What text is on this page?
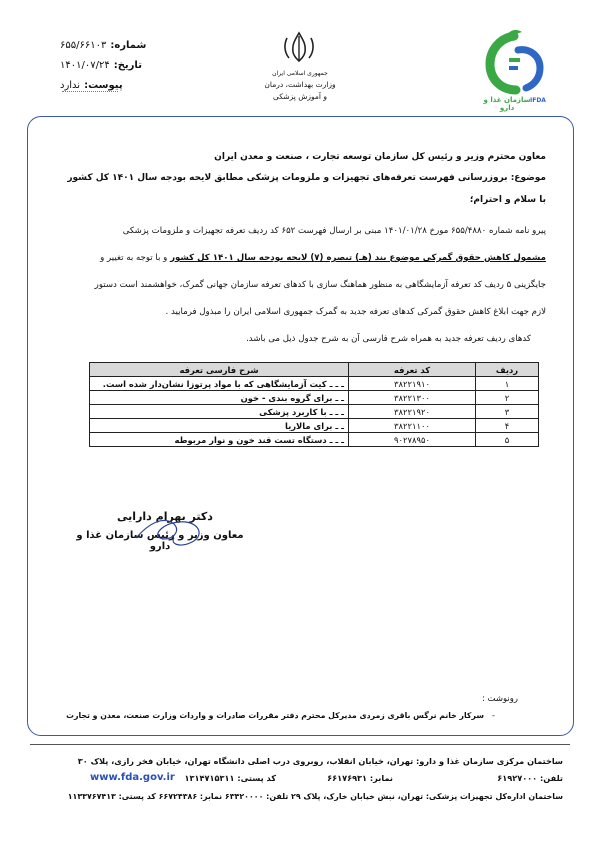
شماره:
۶۵۵/۶۶۱۰۳
تاریخ:
۱۴۰۱/۰۷/۲۴
پیوست:
ندارد
جمهوری اسلامی ایران
وزارت بهداشت، درمان
و آموزش پزشکی	سازمان غذا و دارو
IFDA
معاون محترم وزیر و رئیس کل سازمان توسعه تجارت ، صنعت و معدن ایران
موضوع: بروزرسانی فهرست تعرفه‌های تجهیزات و ملزومات پزشکی مطابق لایحه بودجه سال ۱۴۰۱ کل کشور
با سلام و احترام؛
پیرو نامه شماره ۶۵۵/۴۸۸۰ مورخ ۱۴۰۱/۰۱/۲۸ مبنی بر ارسال فهرست ۶۵۲ کد ردیف تعرفه تجهیزات و ملزومات پزشکی
مشمول کاهش حقوق گمرکی موضوع بند (هـ) تبصره (۷) لایحه بودجه سال ۱۴۰۱ کل کشور و با توجه به تغییر و
جایگزینی ۵ ردیف کد تعرفه آزمایشگاهی به منظور هماهنگ سازی با کدهای تعرفه سازمان جهانی گمرک، خواهشمند است دستور
لازم جهت ابلاغ کاهش حقوق گمرکی کدهای تعرفه جدید به گمرک جمهوری اسلامی ایران را مبذول فرمایید .
کدهای ردیف تعرفه جدید به همراه شرح فارسی آن به شرح جدول ذیل می باشد.
ردیف	کد تعرفه	شرح فارسی تعرفه
۱	۳۸۲۲۱۹۱۰	ـ ـ ـ کیت آزمایشگاهی که با مواد پرتوزا نشان‌دار شده است.
۲	۳۸۲۲۱۳۰۰	ـ ـ برای گروه بندی - خون
۳	۳۸۲۲۱۹۲۰	ـ ـ ـ با کاربرد پزشکی
۴	۳۸۲۲۱۱۰۰	ـ ـ برای مالاریا
۵	۹۰۲۷۸۹۵۰	ـ ـ ـ دستگاه تست قند خون و نوار مربوطه
دکتر بهرام دارایی
معاون وزیر و رئیس سازمان غذا و دارو
رونوشت :
-
سرکار خانم نرگس باقری زمردی مدیرکل محترم دفتر مقررات صادرات و واردات وزارت صنعت، معدن و تجارت
ساختمان مرکزی سازمان غذا و دارو: تهران، خیابان انقلاب، روبروی درب اصلی دانشگاه تهران، خیابان فخر رازی، پلاک ۳۰
تلفن: ۶۱۹۲۷۰۰۰
نمابر: ۶۶۱۷۶۹۳۱
کد پستی: ۱۳۱۴۷۱۵۳۱۱
www.fda.gov.ir
ساختمان اداره‌کل تجهیزات پزشکی: تهران، نبش خیابان خارک، پلاک ۲۹ تلفن: ۶۳۴۲۰۰۰۰ نمابر: ۶۶۷۲۴۳۸۶ کد پستی: ۱۱۳۳۷۶۷۴۱۳
